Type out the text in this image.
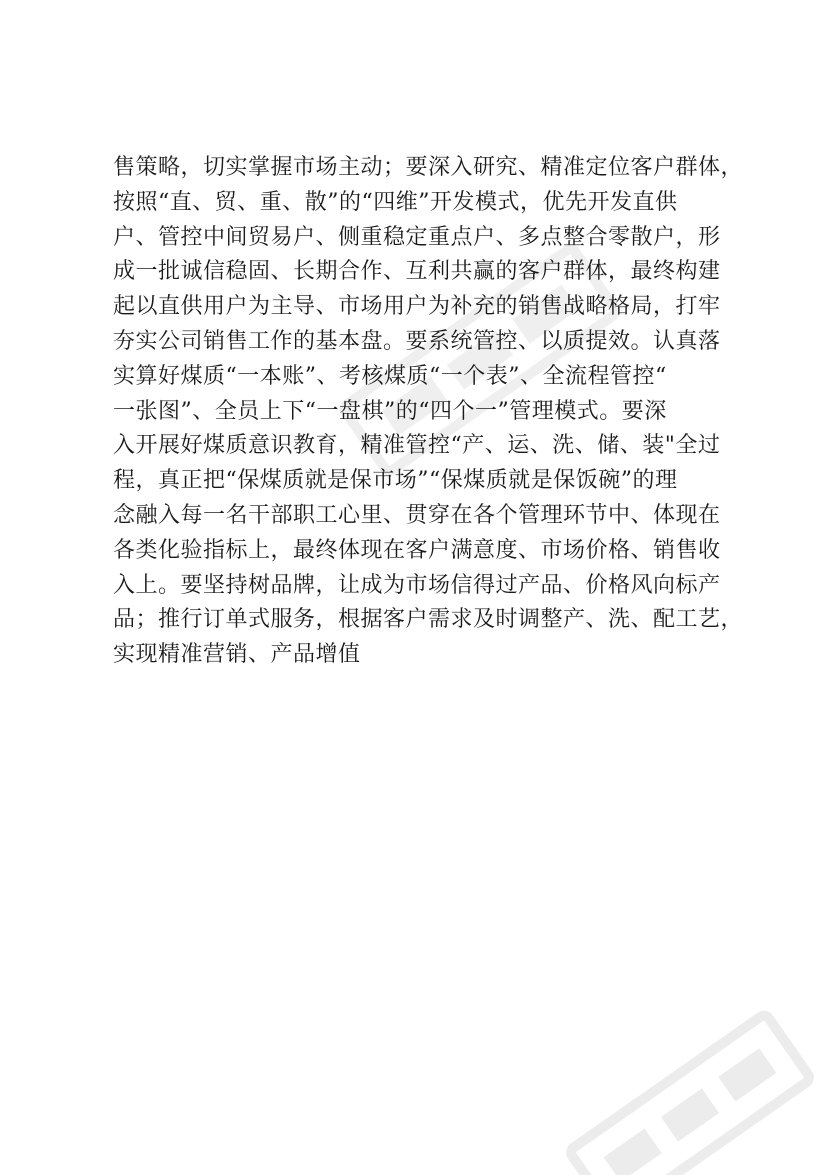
售策略，切实掌握市场主动；要深入研究、精准定位客户群体，
按照“直、贸、重、散”的“四维”开发模式，优先开发直供
户、管控中间贸易户、侧重稳定重点户、多点整合零散户，形
成一批诚信稳固、长期合作、互利共赢的客户群体，最终构建
起以直供用户为主导、市场用户为补充的销售战略格局，打牢
夯实公司销售工作的基本盘。要系统管控、以质提效。认真落
实算好煤质“一本账”、考核煤质“一个表”、全流程管控“
一张图”、全员上下“一盘棋”的“四个一”管理模式。要深
入开展好煤质意识教育，精准管控“产、运、洗、储、装"全过
程，真正把“保煤质就是保市场”“保煤质就是保饭碗”的理
念融入每一名干部职工心里、贯穿在各个管理环节中、体现在
各类化验指标上，最终体现在客户满意度、市场价格、销售收
入上。要坚持树品牌，让成为市场信得过产品、价格风向标产
品；推行订单式服务，根据客户需求及时调整产、洗、配工艺，
实现精准营销、产品增值
